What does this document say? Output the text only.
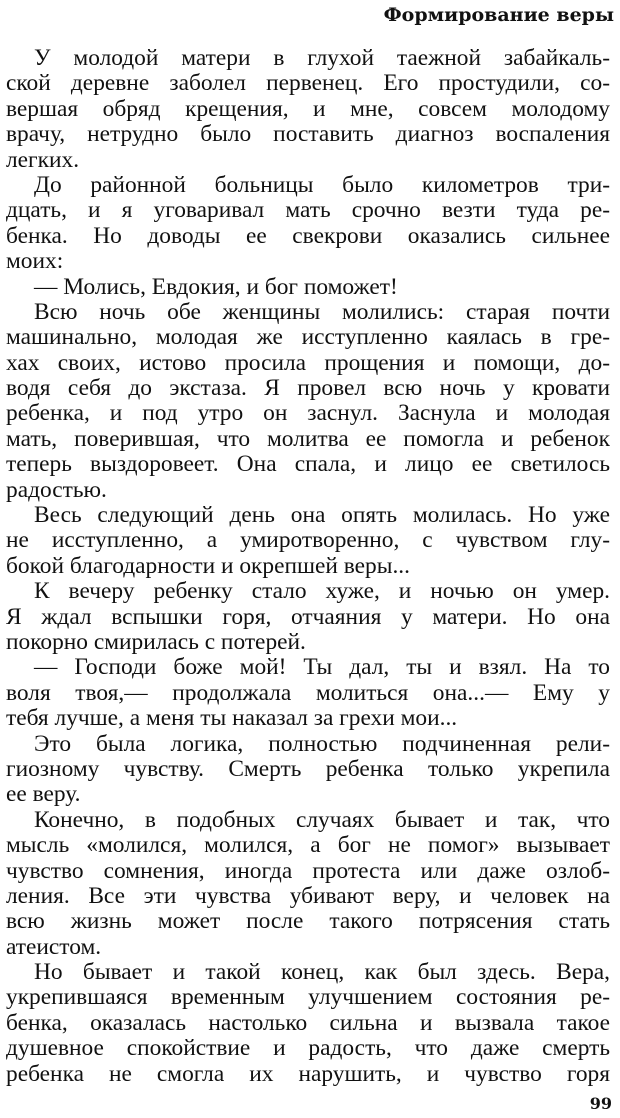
Формирование веры
У молодой матери в глухой таежной забайкаль-
ской деревне заболел первенец. Его простудили, со-
вершая обряд крещения, и мне, совсем молодому
врачу, нетрудно было поставить диагноз воспаления
легких.
До районной больницы было километров три-
дцать, и я уговаривал мать срочно везти туда ре-
бенка. Но доводы ее свекрови оказались сильнее
моих:
— Молись, Евдокия, и бог поможет!
Всю ночь обе женщины молились: старая почти
машинально, молодая же исступленно каялась в гре-
хах своих, истово просила прощения и помощи, до-
водя себя до экстаза. Я провел всю ночь у кровати
ребенка, и под утро он заснул. Заснула и молодая
мать, поверившая, что молитва ее помогла и ребенок
теперь выздоровеет. Она спала, и лицо ее светилось
радостью.
Весь следующий день она опять молилась. Но уже
не исступленно, а умиротворенно, с чувством глу-
бокой благодарности и окрепшей веры...
К вечеру ребенку стало хуже, и ночью он умер.
Я ждал вспышки горя, отчаяния у матери. Но она
покорно смирилась с потерей.
— Господи боже мой! Ты дал, ты и взял. На то
воля твоя,— продолжала молиться она...— Ему у
тебя лучше, а меня ты наказал за грехи мои...
Это была логика, полностью подчиненная рели-
гиозному чувству. Смерть ребенка только укрепила
ее веру.
Конечно, в подобных случаях бывает и так, что
мысль «молился, молился, а бог не помог» вызывает
чувство сомнения, иногда протеста или даже озлоб-
ления. Все эти чувства убивают веру, и человек на
всю жизнь может после такого потрясения стать
атеистом.
Но бывает и такой конец, как был здесь. Вера,
укрепившаяся временным улучшением состояния ре-
бенка, оказалась настолько сильна и вызвала такое
душевное спокойствие и радость, что даже смерть
ребенка не смогла их нарушить, и чувство горя
99
